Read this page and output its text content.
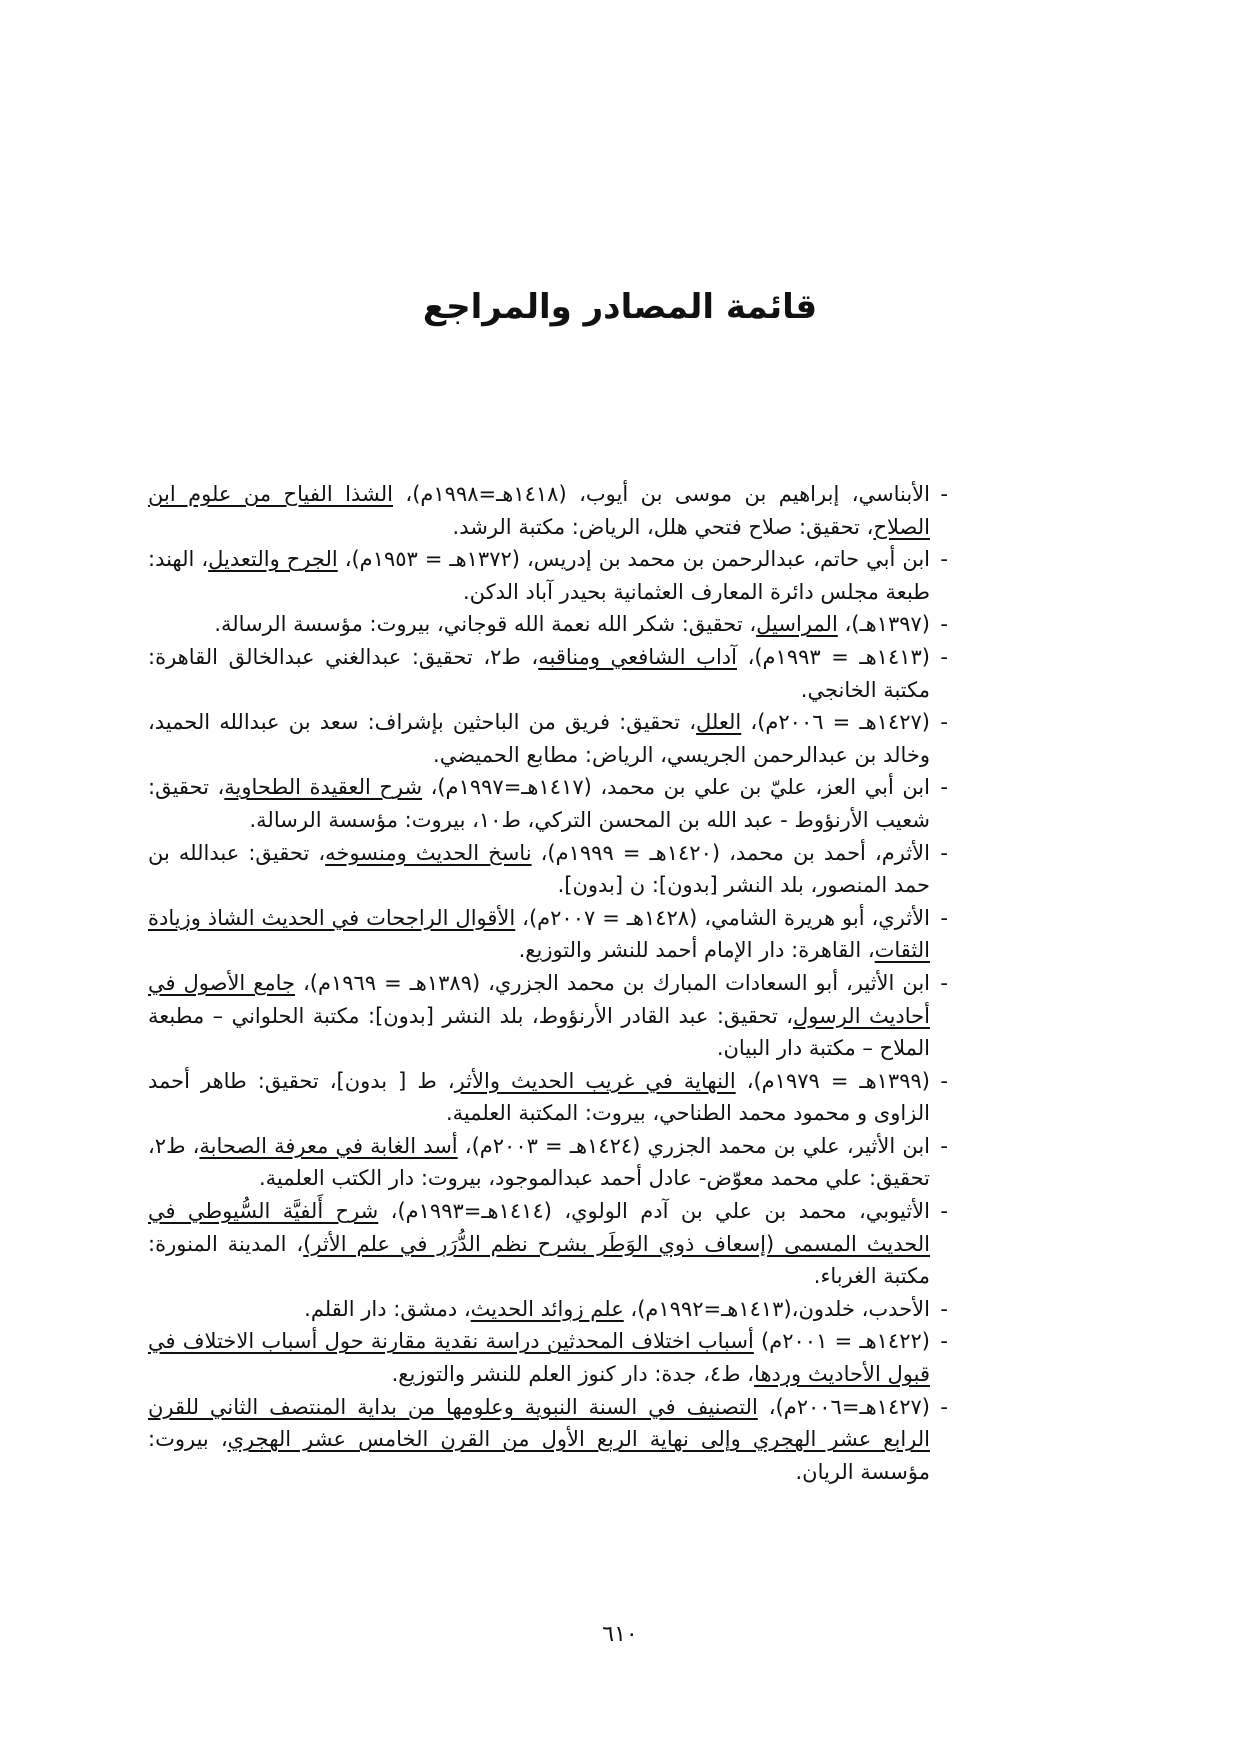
قائمة المصادر والمراجع
-
الأبناسي، إبراهيم بن موسى بن أيوب، (١٤١٨هـ=١٩٩٨م)، الشذا الفياح من علوم ابن الصلاح، تحقيق: صلاح فتحي هلل، الرياض: مكتبة الرشد.
-
ابن أبي حاتم، عبدالرحمن بن محمد بن إدريس، (١٣٧٢هـ = ١٩٥٣م)، الجرح والتعديل، الهند: طبعة مجلس دائرة المعارف العثمانية بحيدر آباد الدكن.
-
(١٣٩٧هـ)، المراسيل، تحقيق: شكر الله نعمة الله قوجاني، بيروت: مؤسسة الرسالة.
-
(١٤١٣هـ = ١٩٩٣م)، آداب الشافعي ومناقبه، ط٢، تحقيق: عبدالغني عبدالخالق القاهرة: مكتبة الخانجي.
-
(١٤٢٧هـ = ٢٠٠٦م)، العلل، تحقيق: فريق من الباحثين بإشراف: سعد بن عبدالله الحميد، وخالد بن عبدالرحمن الجريسي، الرياض: مطابع الحميضي.
-
ابن أبي العز، عليّ بن علي بن محمد، (١٤١٧هـ=١٩٩٧م)، شرح العقيدة الطحاوية، تحقيق: شعيب الأرنؤوط - عبد الله بن المحسن التركي، ط١٠، بيروت: مؤسسة الرسالة.
-
الأثرم، أحمد بن محمد، (١٤٢٠هـ = ١٩٩٩م)، ناسخ الحديث ومنسوخه، تحقيق: عبدالله بن حمد المنصور، بلد النشر [بدون]: ن [بدون].
-
الأثري، أبو هريرة الشامي، (١٤٢٨هـ = ٢٠٠٧م)، الأقوال الراجحات في الحديث الشاذ وزيادة الثقات، القاهرة: دار الإمام أحمد للنشر والتوزيع.
-
ابن الأثير، أبو السعادات المبارك بن محمد الجزري، (١٣٨٩هـ = ١٩٦٩م)، جامع الأصول في أحاديث الرسول، تحقيق: عبد القادر الأرنؤوط، بلد النشر [بدون]: مكتبة الحلواني – مطبعة الملاح – مكتبة دار البيان.
-
(١٣٩٩هـ = ١٩٧٩م)، النهاية في غريب الحديث والأثر، ط [ بدون]، تحقيق: طاهر أحمد الزاوى و محمود محمد الطناحي، بيروت: المكتبة العلمية.
-
ابن الأثير، علي بن محمد الجزري (١٤٢٤هـ = ٢٠٠٣م)، أسد الغابة في معرفة الصحابة، ط٢، تحقيق: علي محمد معوّض- عادل أحمد عبدالموجود، بيروت: دار الكتب العلمية.
-
الأثيوبي، محمد بن علي بن آدم الولوي، (١٤١٤هـ=١٩٩٣م)، شرح أَلفيَّة السُّيوطي في الحديث المسمى (إسعاف ذوي الوَطَر بشرح نظم الدُّرَر في علم الأثر)، المدينة المنورة: مكتبة الغرباء.
-
الأحدب، خلدون،(١٤١٣هـ=١٩٩٢م)، علم زوائد الحديث، دمشق: دار القلم.
-
(١٤٢٢هـ = ٢٠٠١م) أسباب اختلاف المحدثين دراسة نقدية مقارنة حول أسباب الاختلاف في قبول الأحاديث وردها، ط٤، جدة: دار كنوز العلم للنشر والتوزيع.
-
(١٤٢٧هـ=٢٠٠٦م)، التصنيف في السنة النبوية وعلومها من بداية المنتصف الثاني للقرن الرابع عشر الهجري وإلى نهاية الربع الأول من القرن الخامس عشر الهجري، بيروت: مؤسسة الريان.
٦١٠
